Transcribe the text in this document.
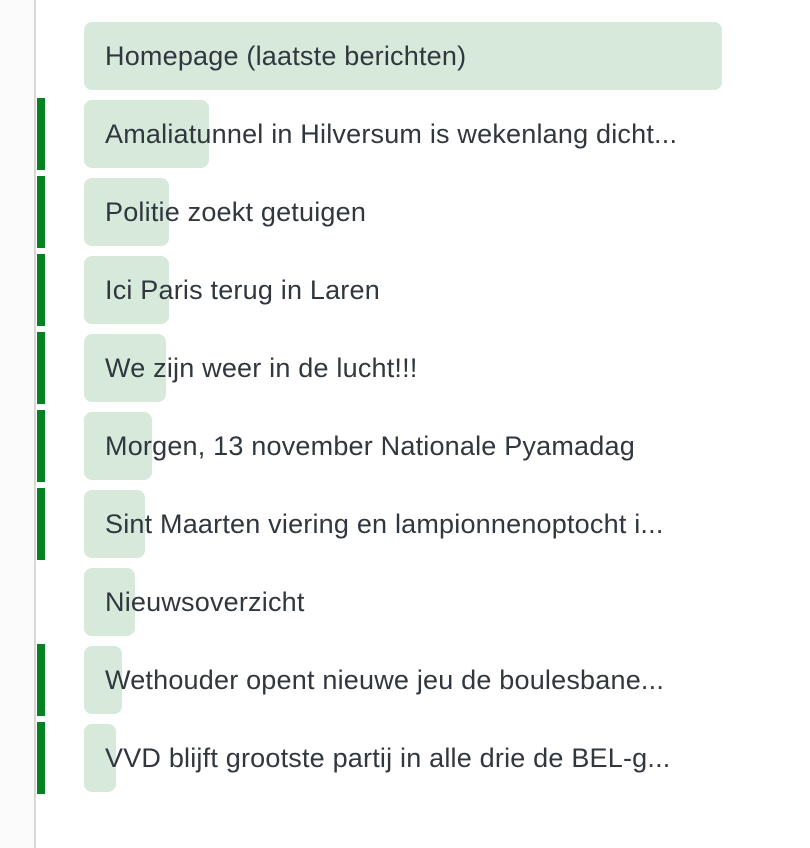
Homepage (laatste berichten)
Amaliatunnel in Hilversum is wekenlang dicht...
Politie zoekt getuigen
Ici Paris terug in Laren
We zijn weer in de lucht!!!
Morgen, 13 november Nationale Pyamadag
Sint Maarten viering en lampionnenoptocht i...
Nieuwsoverzicht
Wethouder opent nieuwe jeu de boulesbane...
VVD blijft grootste partij in alle drie de BEL-g...
